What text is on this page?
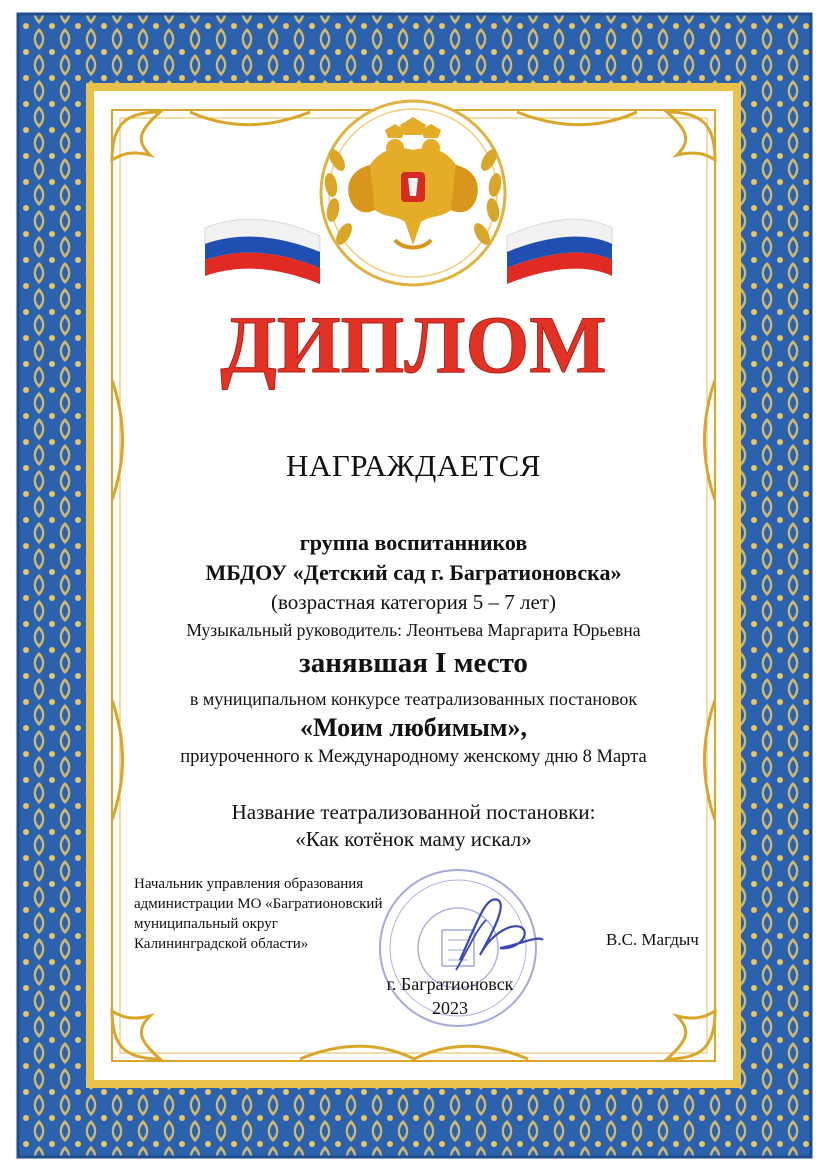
ДИПЛОМ
НАГРАЖДАЕТСЯ
группа воспитанников
МБДОУ «Детский сад г. Багратионовска»
(возрастная категория 5 – 7 лет)
Музыкальный руководитель: Леонтьева Маргарита Юрьевна
занявшая I место
в муниципальном конкурсе театрализованных постановок
«Моим любимым»,
приуроченного к Международному женскому дню 8 Марта
Название театрализованной постановки:
«Как котёнок маму искал»
Начальник управления образования
администрации МО «Багратионовский
муниципальный округ
Калининградской области»	В.С. Магдыч
г. Багратионовск
2023
